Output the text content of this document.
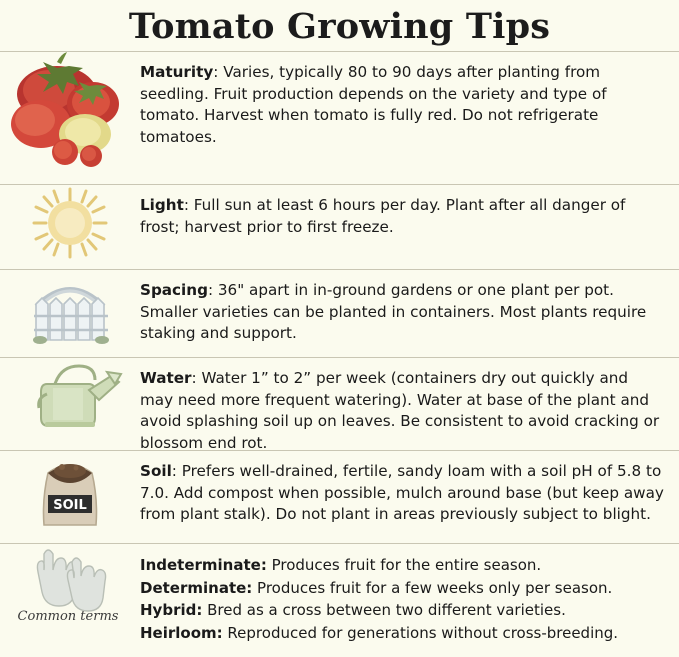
Tomato Growing Tips
Maturity: Varies, typically 80 to 90 days after planting from seedling. Fruit production depends on the variety and type of tomato. Harvest when tomato is fully red. Do not refrigerate tomatoes.
Light: Full sun at least 6 hours per day. Plant after all danger of frost; harvest prior to first freeze.
Spacing: 36" apart in in-ground gardens or one plant per pot. Smaller varieties can be planted in containers. Most plants require staking and support.
Water: Water 1” to 2” per week (containers dry out quickly and may need more frequent watering). Water at base of the plant and avoid splashing soil up on leaves. Be consistent to avoid cracking or blossom end rot.
SOIL
Soil: Prefers well-drained, fertile, sandy loam with a soil pH of 5.8 to 7.0. Add compost when possible, mulch around base (but keep away from plant stalk). Do not plant in areas previously subject to blight.
Common terms
Indeterminate: Produces fruit for the entire season.
Determinate: Produces fruit for a few weeks only per season.
Hybrid: Bred as a cross between two different varieties.
Heirloom: Reproduced for generations without cross-breeding.
